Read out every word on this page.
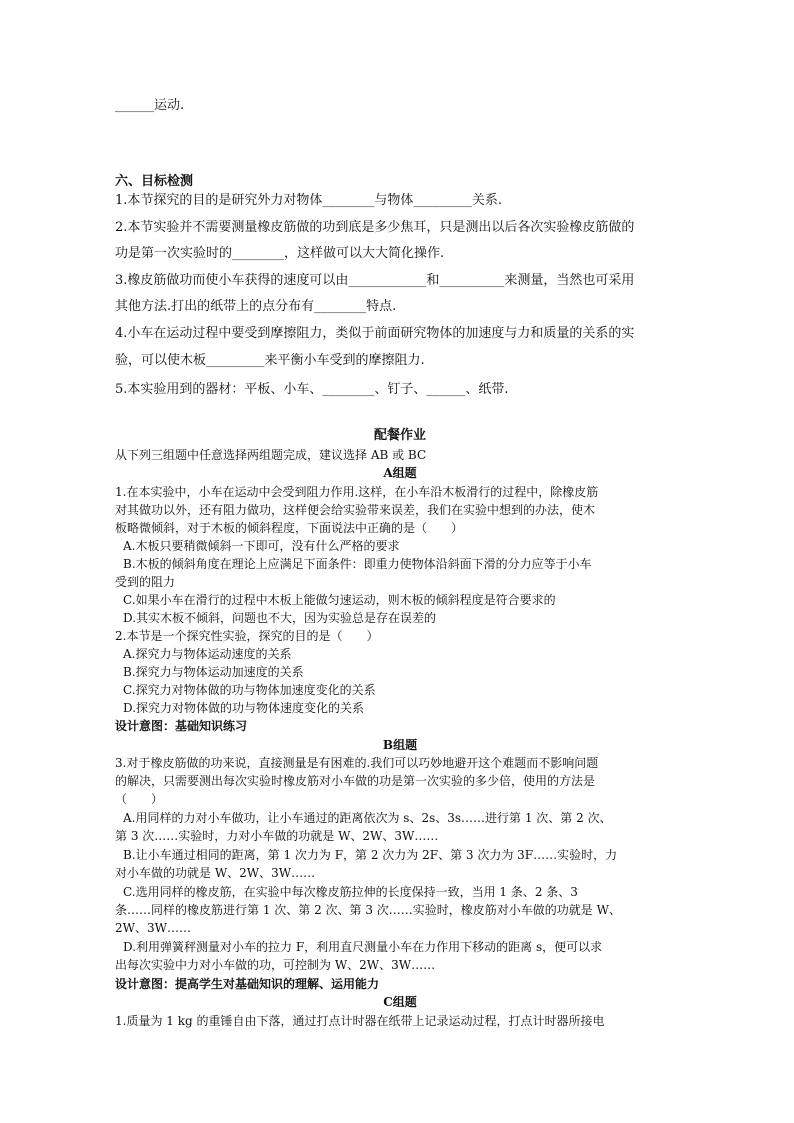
______运动.
六、目标检测
1.本节探究的目的是研究外力对物体________与物体_________关系.
2.本节实验并不需要测量橡皮筋做的功到底是多少焦耳，只是测出以后各次实验橡皮筋做的
功是第一次实验时的________，这样做可以大大简化操作.
3.橡皮筋做功而使小车获得的速度可以由____________和__________来测量，当然也可采用
其他方法.打出的纸带上的点分布有________特点.
4.小车在运动过程中要受到摩擦阻力，类似于前面研究物体的加速度与力和质量的关系的实
验，可以使木板_________来平衡小车受到的摩擦阻力.
5.本实验用到的器材：平板、小车、________、钉子、______、纸带.
配餐作业
从下列三组题中任意选择两组题完成，建议选择 AB 或 BC
A组题
1.在本实验中，小车在运动中会受到阻力作用.这样，在小车沿木板滑行的过程中，除橡皮筋
对其做功以外，还有阻力做功，这样便会给实验带来误差，我们在实验中想到的办法，使木
板略微倾斜，对于木板的倾斜程度，下面说法中正确的是（　　）
A.木板只要稍微倾斜一下即可，没有什么严格的要求
B.木板的倾斜角度在理论上应满足下面条件：即重力使物体沿斜面下滑的分力应等于小车
受到的阻力
C.如果小车在滑行的过程中木板上能做匀速运动，则木板的倾斜程度是符合要求的
D.其实木板不倾斜，问题也不大，因为实验总是存在误差的
2.本节是一个探究性实验，探究的目的是（　　）
A.探究力与物体运动速度的关系
B.探究力与物体运动加速度的关系
C.探究力对物体做的功与物体加速度变化的关系
D.探究力对物体做的功与物体速度变化的关系
设计意图：基础知识练习
B组题
3.对于橡皮筋做的功来说，直接测量是有困难的.我们可以巧妙地避开这个难题而不影响问题
的解决，只需要测出每次实验时橡皮筋对小车做的功是第一次实验的多少倍，使用的方法是
（　　）
A.用同样的力对小车做功，让小车通过的距离依次为 s、2s、3s……进行第 1 次、第 2 次、
第 3 次……实验时，力对小车做的功就是 W、2W、3W……
B.让小车通过相同的距离，第 1 次力为 F，第 2 次力为 2F、第 3 次力为 3F……实验时，力
对小车做的功就是 W、2W、3W……
C.选用同样的橡皮筋，在实验中每次橡皮筋拉伸的长度保持一致，当用 1 条、2 条、3
条……同样的橡皮筋进行第 1 次、第 2 次、第 3 次……实验时，橡皮筋对小车做的功就是 W、
2W、3W……
D.利用弹簧秤测量对小车的拉力 F，利用直尺测量小车在力作用下移动的距离 s，便可以求
出每次实验中力对小车做的功，可控制为 W、2W、3W……
设计意图：提高学生对基础知识的理解、运用能力
C组题
1.质量为 1 kg 的重锤自由下落，通过打点计时器在纸带上记录运动过程，打点计时器所接电
